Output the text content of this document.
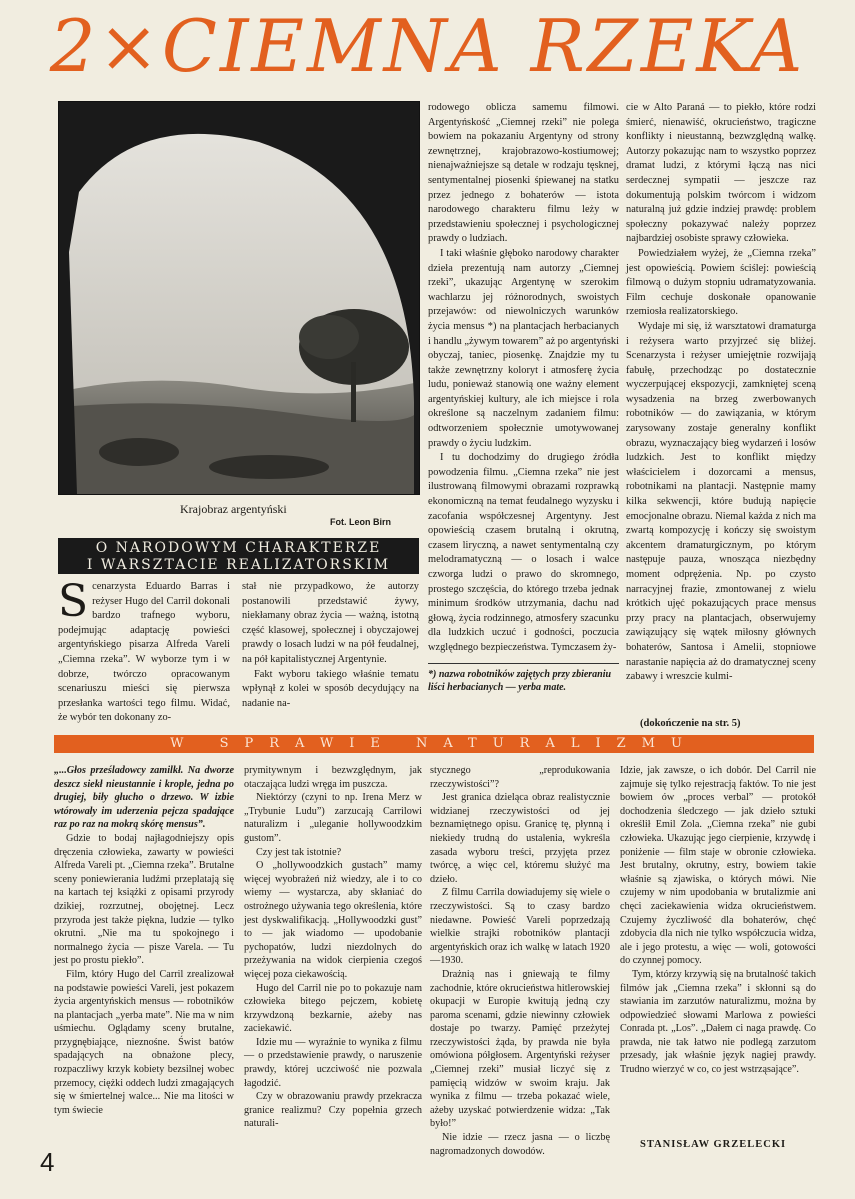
2×CIEMNA RZEKA
Krajobraz argentyński
Fot. Leon Birn
O NARODOWYM CHARAKTERZE
I WARSZTACIE REALIZATORSKIM

Scenarzysta Eduardo Barras i reżyser Hugo del Carril dokonali bardzo trafnego wyboru, podejmując adaptację powieści argentyńskiego pisarza Alfreda Vareli „Ciemna rzeka”. W wyborze tym i w dobrze, twórczo opracowanym scenariuszu mieści się pierwsza przesłanka wartości tego filmu. Widać, że wybór ten dokonany zo-

stał nie przypadkowo, że autorzy postanowili przedstawić żywy, niekłamany obraz życia — ważną, istotną część klasowej, społecznej i obyczajowej prawdy o losach ludzi w na pół feudalnej, na pół kapitalistycznej Argentynie.

Fakt wyboru takiego właśnie tematu wpłynął z kolei w sposób decydujący na nadanie na-

rodowego oblicza samemu filmowi. Argentyńskość „Ciemnej rzeki” nie polega bowiem na pokazaniu Argentyny od strony zewnętrznej, krajobrazowo-kostiumowej; nienajważniejsze są detale w rodzaju tęsknej, sentymentalnej piosenki śpiewanej na statku przez jednego z bohaterów — istota narodowego charakteru filmu leży w przedstawieniu społecznej i psychologicznej prawdy o ludziach.

I taki właśnie głęboko narodowy charakter dzieła prezentują nam autorzy „Ciemnej rzeki”, ukazując Argentynę w szerokim wachlarzu jej różnorodnych, swoistych przejawów: od niewolniczych warunków życia mensus *) na plantacjach herbacianych i handlu „żywym towarem” aż po argentyński obyczaj, taniec, piosenkę. Znajdzie my tu także zewnętrzny koloryt i atmosferę życia ludu, ponieważ stanowią one ważny element argentyńskiej kultury, ale ich miejsce i rola określone są naczelnym zadaniem filmu: odtworzeniem społecznie umotywowanej prawdy o życiu ludzkim.

I tu dochodzimy do drugiego źródła powodzenia filmu. „Ciemna rzeka” nie jest ilustrowaną filmowymi obrazami rozprawką ekonomiczną na temat feudalnego wyzysku i zacofania współczesnej Argentyny. Jest opowieścią czasem brutalną i okrutną, czasem liryczną, a nawet sentymentalną czy melodramatyczną — o losach i walce czworga ludzi o prawo do skromnego, prostego szczęścia, do którego trzeba jednak minimum środków utrzymania, dachu nad głową, życia rodzinnego, atmosfery szacunku dla ludzkich uczuć i godności, poczucia względnego bezpieczeństwa. Tymczasem ży-

*) nazwa robotników zajętych przy zbieraniu liści herbacianych — yerba mate.

cie w Alto Paraná — to piekło, które rodzi śmierć, nienawiść, okrucieństwo, tragiczne konflikty i nieustanną, bezwzględną walkę. Autorzy pokazując nam to wszystko poprzez dramat ludzi, z którymi łączą nas nici serdecznej sympatii — jeszcze raz dokumentują polskim twórcom i widzom naturalną już gdzie indziej prawdę: problem społeczny pokazywać należy poprzez najbardziej osobiste sprawy człowieka.

Powiedziałem wyżej, że „Ciemna rzeka” jest opowieścią. Powiem ściślej: powieścią filmową o dużym stopniu udramatyzowania. Film cechuje doskonałe opanowanie rzemiosła realizatorskiego.

Wydaje mi się, iż warsztatowi dramaturga i reżysera warto przyjrzeć się bliżej. Scenarzysta i reżyser umiejętnie rozwijają fabułę, przechodząc po dostatecznie wyczerpującej ekspozycji, zamkniętej sceną wysadzenia na brzeg zwerbowanych robotników — do zawiązania, w którym zarysowany zostaje generalny konflikt obrazu, wyznaczający bieg wydarzeń i losów ludzkich. Jest to konflikt między właścicielem i dozorcami a mensus, robotnikami na plantacji. Następnie mamy kilka sekwencji, które budują napięcie emocjonalne obrazu. Niemal każda z nich ma zwartą kompozycję i kończy się swoistym akcentem dramaturgicznym, po którym następuje pauza, wnosząca niezbędny moment odprężenia. Np. po czysto narracyjnej frazie, zmontowanej z wielu krótkich ujęć pokazujących prace mensus przy pracy na plantacjach, obserwujemy zawiązujący się wątek miłosny głównych bohaterów, Santosa i Amelii, stopniowe narastanie napięcia aż do dramatycznej sceny zabawy i wreszcie kulmi-

(dokończenie na str. 5)
W SPRAWIE NATURALIZMU

„...Głos prześladowcy zamilkł. Na dworze deszcz siekł nieustannie i krople, jedna po drugiej, biły głucho o drzewo. W izbie wtórowały im uderzenia pejcza spadające raz po raz na mokrą skórę mensus”.

Gdzie to bodaj najłagodniejszy opis dręczenia człowieka, zawarty w powieści Alfreda Vareli pt. „Ciemna rzeka”. Brutalne sceny poniewierania ludźmi przeplatają się na kartach tej książki z opisami przyrody dzikiej, rozrzutnej, obojętnej. Lecz przyroda jest także piękna, ludzie — tylko okrutni. „Nie ma tu spokojnego i normalnego życia — pisze Varela. — Tu jest po prostu piekło”.

Film, który Hugo del Carril zrealizował na podstawie powieści Vareli, jest pokazem życia argentyńskich mensus — robotników na plantacjach „yerba mate”. Nie ma w nim uśmiechu. Oglądamy sceny brutalne, przygnębiające, nieznośne. Świst batów spadających na obnażone plecy, rozpaczliwy krzyk kobiety bezsilnej wobec przemocy, ciężki oddech ludzi zmagających się w śmiertelnej walce... Nie ma litości w tym świecie

prymitywnym i bezwzględnym, jak otaczająca ludzi wręga im puszcza.

Niektórzy (czyni to np. Irena Merz w „Trybunie Ludu”) zarzucają Carrilowi naturalizm i „uleganie hollywoodzkim gustom”.

Czy jest tak istotnie?

O „hollywoodzkich gustach” mamy więcej wyobrażeń niż wiedzy, ale i to co wiemy — wystarcza, aby skłaniać do ostrożnego używania tego określenia, które jest dyskwalifikacją. „Hollywoodzki gust” to — jak wiadomo — upodobanie pychopatów, ludzi niezdolnych do przeżywania na widok cierpienia czegoś więcej poza ciekawością.

Hugo del Carril nie po to pokazuje nam człowieka bitego pejczem, kobietę krzywdzoną bezkarnie, ażeby nas zaciekawić.

Idzie mu — wyraźnie to wynika z filmu — o przedstawienie prawdy, o naruszenie prawdy, której uczciwość nie pozwala łagodzić.

Czy w obrazowaniu prawdy przekracza granice realizmu? Czy popełnia grzech naturali-

stycznego „reprodukowania rzeczywistości”?

Jest granica dzieląca obraz realistycznie widzianej rzeczywistości od jej beznamiętnego opisu. Granicę tę, płynną i niekiedy trudną do ustalenia, wykreśla zasada wyboru treści, przyjęta przez twórcę, a więc cel, któremu służyć ma dzieło.

Z filmu Carrila dowiadujemy się wiele o rzeczywistości. Są to czasy bardzo niedawne. Powieść Vareli poprzedzają wielkie strajki robotników plantacji argentyńskich oraz ich walkę w latach 1920—1930.

Drażnią nas i gniewają te filmy zachodnie, które okrucieństwa hitlerowskiej okupacji w Europie kwitują jedną czy paroma scenami, gdzie niewinny człowiek dostaje po twarzy. Pamięć przeżytej rzeczywistości żąda, by prawda nie była omówiona półgłosem. Argentyński reżyser „Ciemnej rzeki” musiał liczyć się z pamięcią widzów w swoim kraju. Jak wynika z filmu — trzeba pokazać wiele, ażeby uzyskać potwierdzenie widza: „Tak było!”

Nie idzie — rzecz jasna — o liczbę nagromadzonych dowodów.

Idzie, jak zawsze, o ich dobór. Del Carril nie zajmuje się tylko rejestracją faktów. To nie jest bowiem ów „proces verbal” — protokół dochodzenia śledczego — jak dzieło sztuki określił Emil Zola. „Ciemna rzeka” nie gubi człowieka. Ukazując jego cierpienie, krzywdę i poniżenie — film staje w obronie człowieka. Jest brutalny, okrutny, estry, bowiem takie właśnie są zjawiska, o których mówi. Nie czujemy w nim upodobania w brutalizmie ani chęci zaciekawienia widza okrucieństwem. Czujemy życzliwość dla bohaterów, chęć zdobycia dla nich nie tylko współczucia widza, ale i jego protestu, a więc — woli, gotowości do czynnej pomocy.

Tym, którzy krzywią się na brutalność takich filmów jak „Ciemna rzeka” i skłonni są do stawiania im zarzutów naturalizmu, można by odpowiedzieć słowami Marlowa z powieści Conrada pt. „Los”. „Dałem ci naga prawdę. Co prawda, nie tak łatwo nie podlegą zarzutom przesady, jak właśnie język nagiej prawdy. Trudno wierzyć w co, co jest wstrząsające”.

STANISŁAW GRZELECKI
4
